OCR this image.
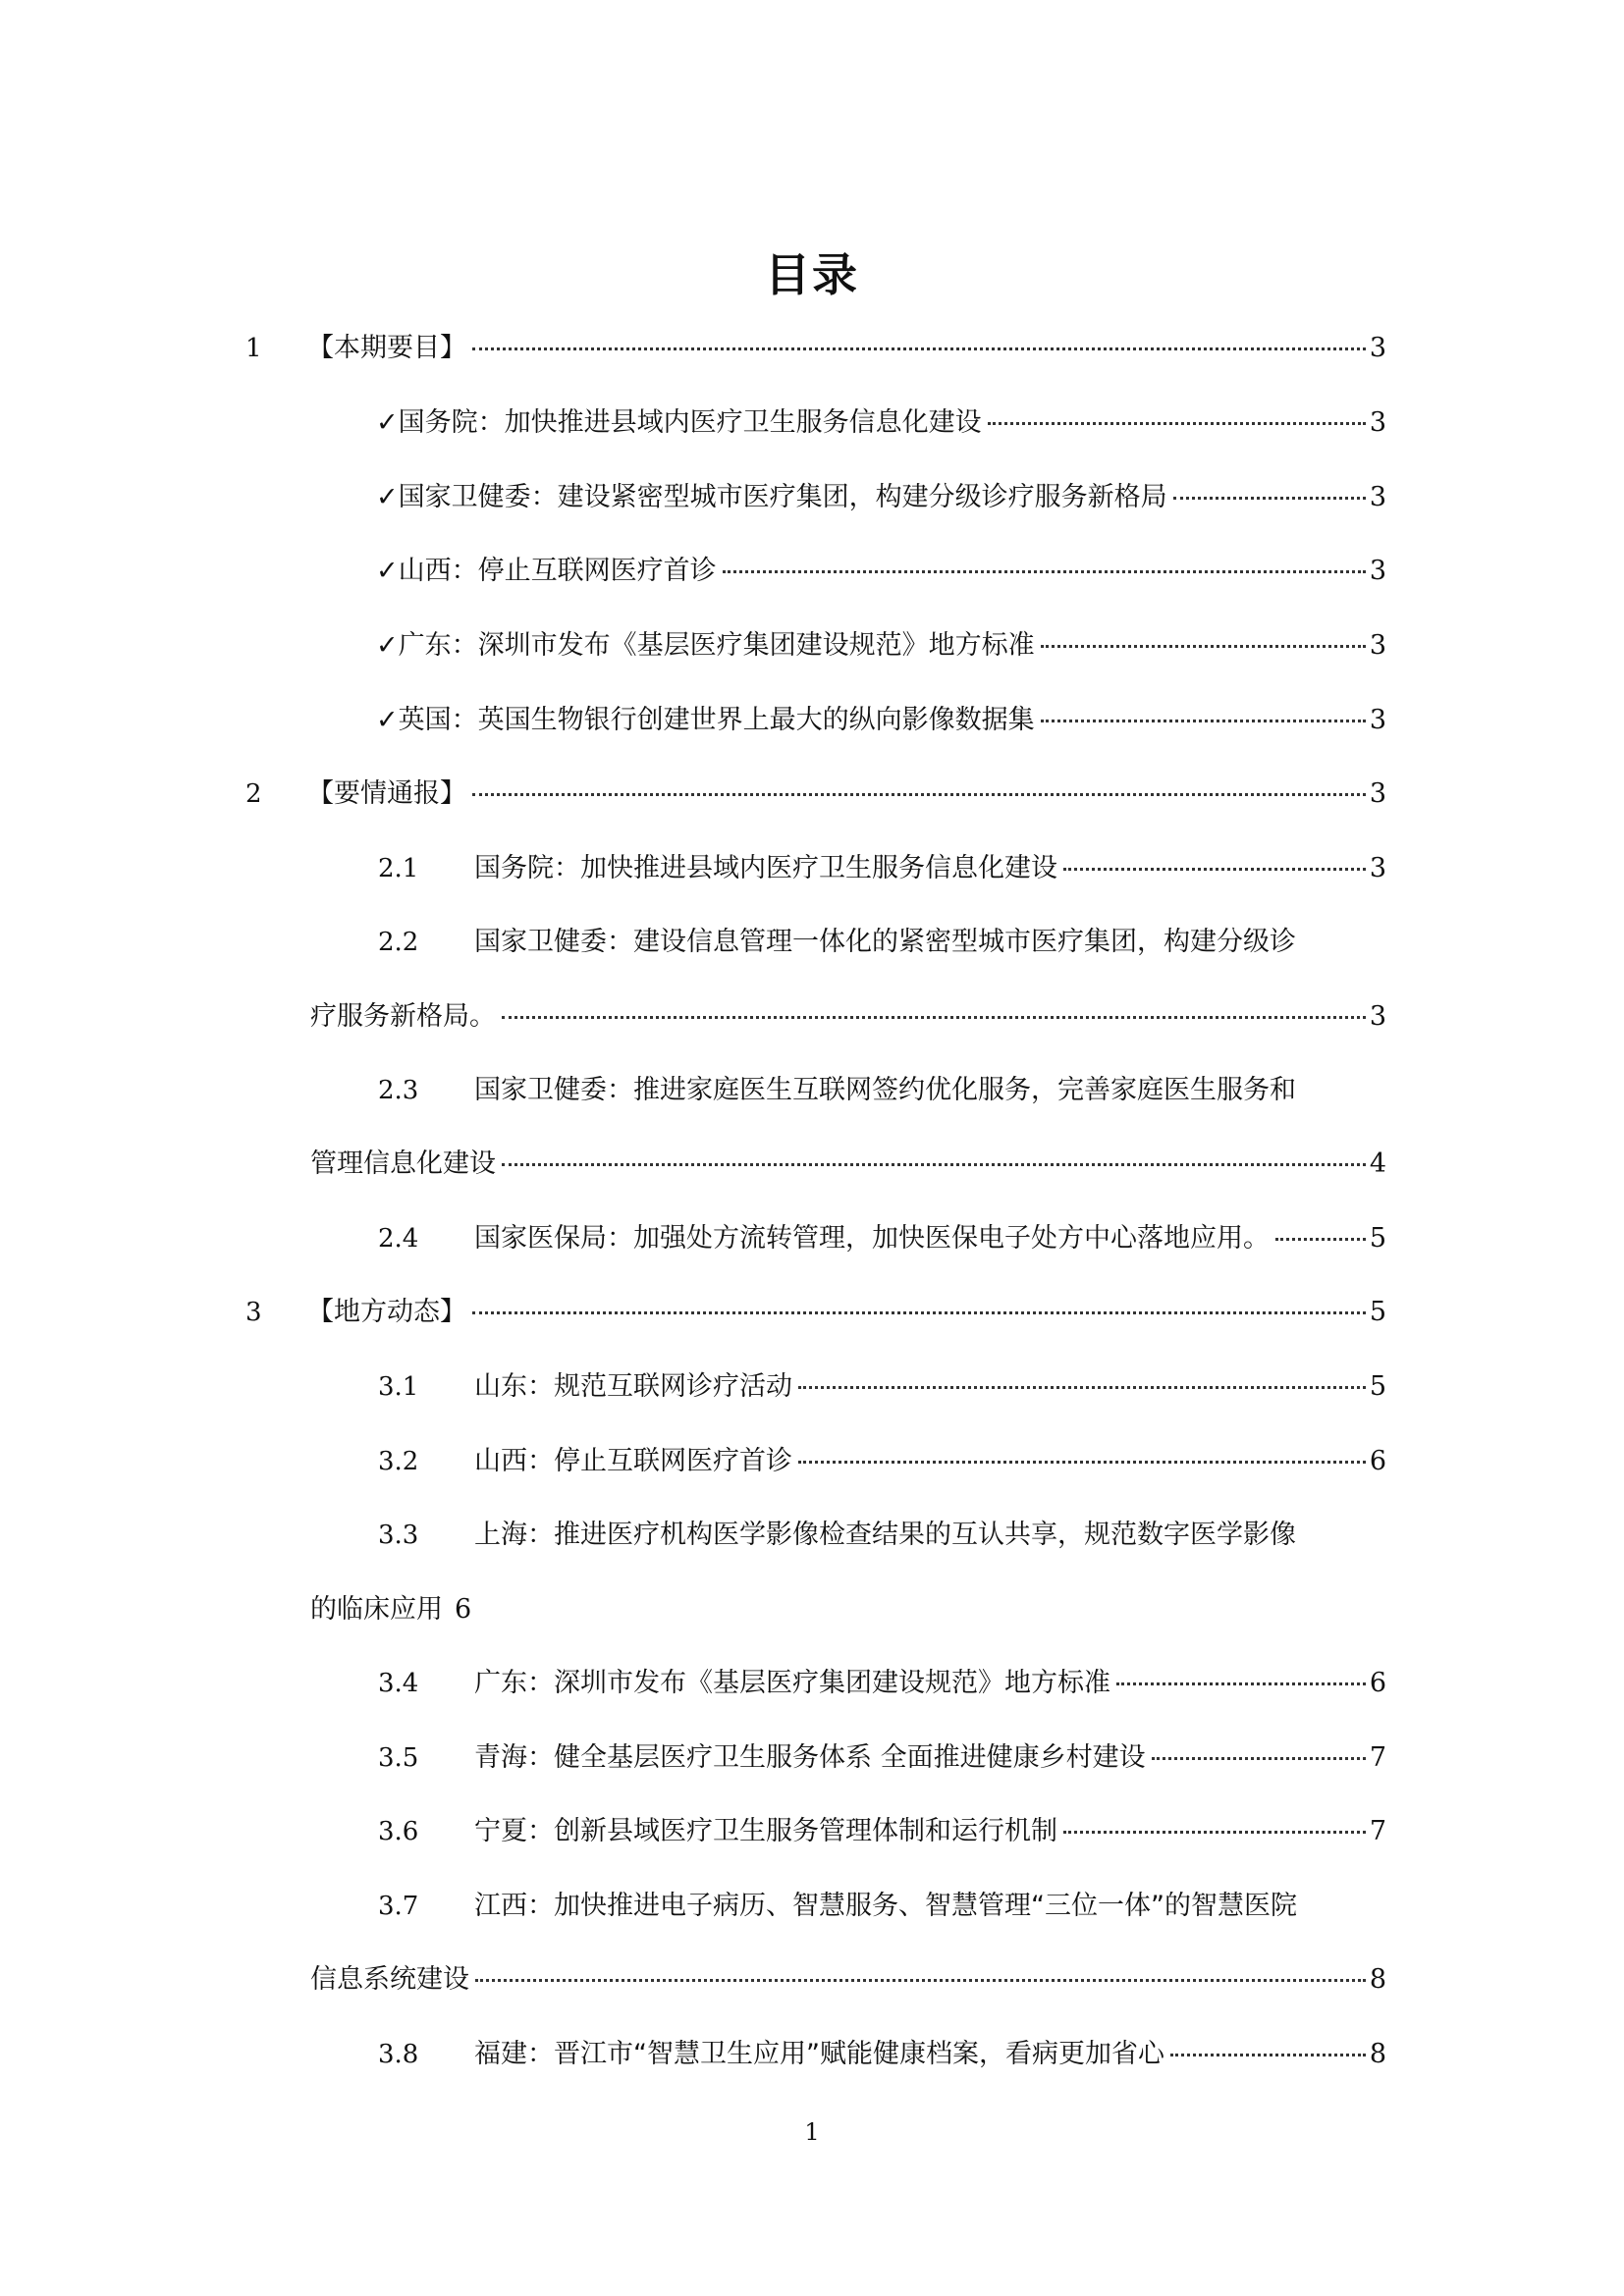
目录
1 【本期要目】	3
✓国务院：加快推进县域内医疗卫生服务信息化建设	3
✓国家卫健委：建设紧密型城市医疗集团，构建分级诊疗服务新格局	3
✓山西：停止互联网医疗首诊	3
✓广东：深圳市发布《基层医疗集团建设规范》地方标准	3
✓英国：英国生物银行创建世界上最大的纵向影像数据集	3
2 【要情通报】	3
2.1 国务院：加快推进县域内医疗卫生服务信息化建设	3
2.2 国家卫健委：建设信息管理一体化的紧密型城市医疗集团，构建分级诊
疗服务新格局。	3
2.3 国家卫健委：推进家庭医生互联网签约优化服务，完善家庭医生服务和
管理信息化建设	4
2.4 国家医保局：加强处方流转管理，加快医保电子处方中心落地应用。	5
3 【地方动态】	5
3.1 山东：规范互联网诊疗活动	5
3.2 山西：停止互联网医疗首诊	6
3.3 上海：推进医疗机构医学影像检查结果的互认共享，规范数字医学影像
的临床应用 6
3.4 广东：深圳市发布《基层医疗集团建设规范》地方标准	6
3.5 青海：健全基层医疗卫生服务体系 全面推进健康乡村建设	7
3.6 宁夏：创新县域医疗卫生服务管理体制和运行机制	7
3.7 江西：加快推进电子病历、智慧服务、智慧管理“三位一体”的智慧医院
信息系统建设	8
3.8 福建：晋江市“智慧卫生应用”赋能健康档案，看病更加省心	8
1
